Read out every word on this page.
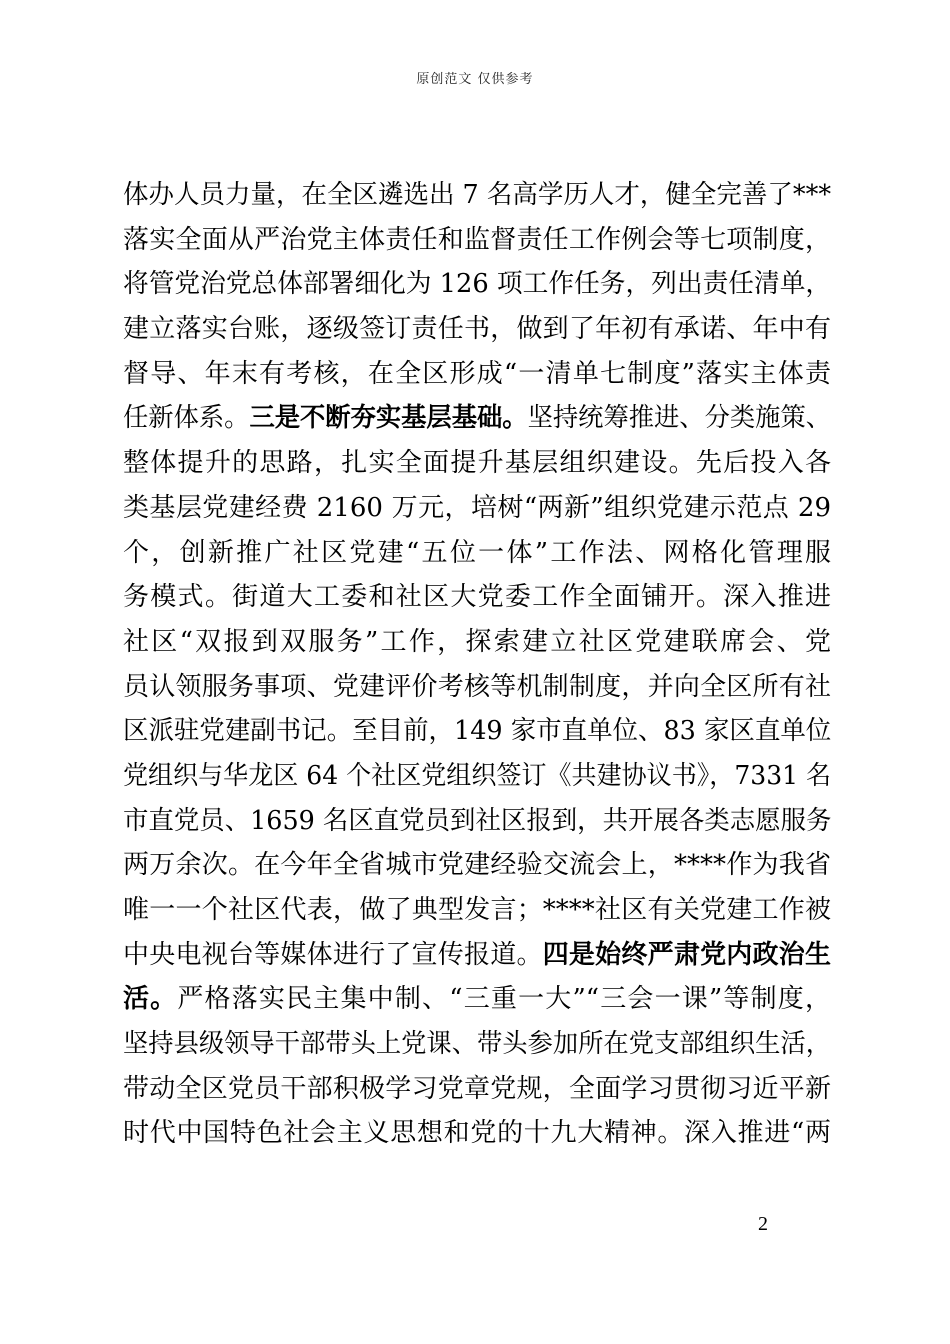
原创范文 仅供参考
体办人员力量，在全区遴选出 7 名高学历人才，健全完善了***
落实全面从严治党主体责任和监督责任工作例会等七项制度，
将管党治党总体部署细化为 126 项工作任务，列出责任清单，
建立落实台账，逐级签订责任书，做到了年初有承诺、年中有
督导、年末有考核，在全区形成“一清单七制度”落实主体责
任新体系。三是不断夯实基层基础。坚持统筹推进、分类施策、
整体提升的思路，扎实全面提升基层组织建设。先后投入各
类基层党建经费 2160 万元，培树“两新”组织党建示范点 29
个，创新推广社区党建“五位一体”工作法、网格化管理服
务模式。街道大工委和社区大党委工作全面铺开。深入推进
社区“双报到双服务”工作，探索建立社区党建联席会、党
员认领服务事项、党建评价考核等机制制度，并向全区所有社
区派驻党建副书记。至目前，149 家市直单位、83 家区直单位
党组织与华龙区 64 个社区党组织签订《共建协议书》，7331 名
市直党员、1659 名区直党员到社区报到，共开展各类志愿服务
两万余次。在今年全省城市党建经验交流会上，****作为我省
唯一一个社区代表，做了典型发言；****社区有关党建工作被
中央电视台等媒体进行了宣传报道。四是始终严肃党内政治生
活。严格落实民主集中制、“三重一大”“三会一课”等制度，
坚持县级领导干部带头上党课、带头参加所在党支部组织生活，
带动全区党员干部积极学习党章党规，全面学习贯彻习近平新
时代中国特色社会主义思想和党的十九大精神。深入推进“两
2
